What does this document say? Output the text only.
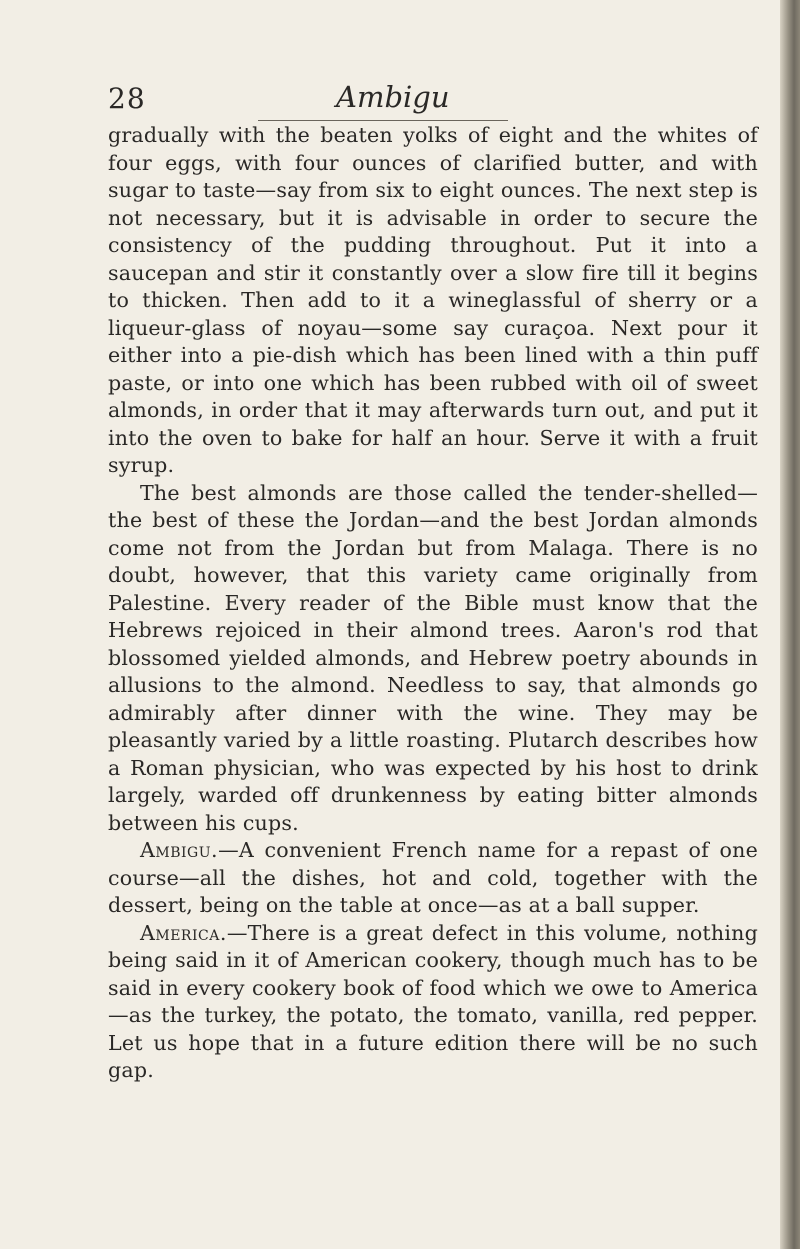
28	Ambigu

gradually with the beaten yolks of eight and the whites of four eggs, with four ounces of clarified butter, and with sugar to taste—say from six to eight ounces. The next step is not necessary, but it is advisable in order to secure the consistency of the pudding throughout. Put it into a saucepan and stir it constantly over a slow fire till it begins to thicken. Then add to it a wineglassful of sherry or a liqueur-glass of noyau—some say curaçoa. Next pour it either into a pie-dish which has been lined with a thin puff paste, or into one which has been rubbed with oil of sweet almonds, in order that it may afterwards turn out, and put it into the oven to bake for half an hour. Serve it with a fruit syrup.

The best almonds are those called the tender-shelled—the best of these the Jordan—and the best Jordan almonds come not from the Jordan but from Malaga. There is no doubt, however, that this variety came originally from Palestine. Every reader of the Bible must know that the Hebrews rejoiced in their almond trees. Aaron's rod that blossomed yielded almonds, and Hebrew poetry abounds in allusions to the almond. Needless to say, that almonds go admirably after dinner with the wine. They may be pleasantly varied by a little roasting. Plutarch describes how a Roman physician, who was expected by his host to drink largely, warded off drunkenness by eating bitter almonds between his cups.

Ambigu.—A convenient French name for a repast of one course—all the dishes, hot and cold, together with the dessert, being on the table at once—as at a ball supper.

America.—There is a great defect in this volume, nothing being said in it of American cookery, though much has to be said in every cookery book of food which we owe to America—as the turkey, the potato, the tomato, vanilla, red pepper. Let us hope that in a future edition there will be no such gap.
